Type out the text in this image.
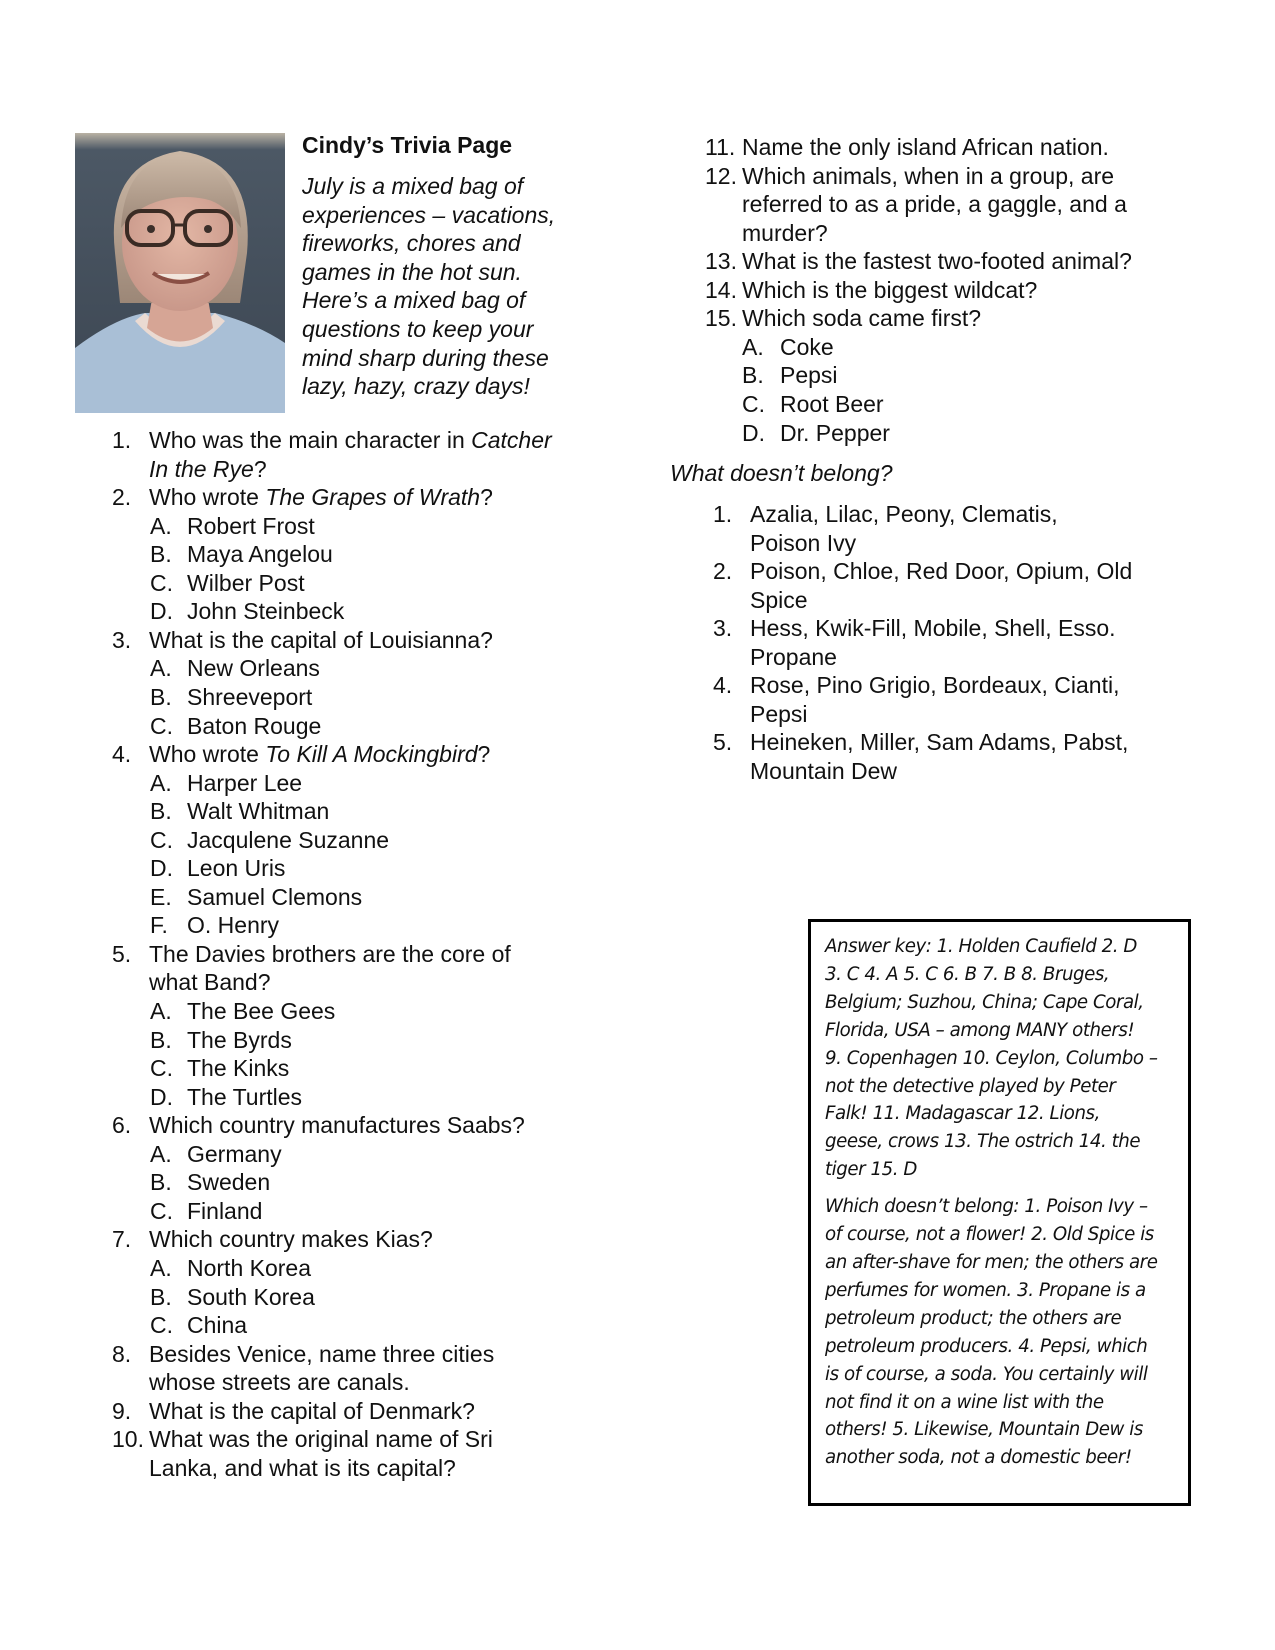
Cindy’s Trivia Page
July is a mixed bag of
experiences – vacations,
fireworks, chores and
games in the hot sun.
Here’s a mixed bag of
questions to keep your
mind sharp during these
lazy, hazy, crazy days!
1. Who was the main character in Catcher
In the Rye?
2. Who wrote The Grapes of Wrath?
A. Robert Frost
B. Maya Angelou
C. Wilber Post
D. John Steinbeck
3. What is the capital of Louisianna?
A. New Orleans
B. Shreeveport
C. Baton Rouge
4. Who wrote To Kill A Mockingbird?
A. Harper Lee
B. Walt Whitman
C. Jacqulene Suzanne
D. Leon Uris
E. Samuel Clemons
F. O. Henry
5. The Davies brothers are the core of
what Band?
A. The Bee Gees
B. The Byrds
C. The Kinks
D. The Turtles
6. Which country manufactures Saabs?
A. Germany
B. Sweden
C. Finland
7. Which country makes Kias?
A. North Korea
B. South Korea
C. China
8. Besides Venice, name three cities
whose streets are canals.
9. What is the capital of Denmark?
10. What was the original name of Sri
Lanka, and what is its capital?
11. Name the only island African nation.
12. Which animals, when in a group, are
referred to as a pride, a gaggle, and a
murder?
13. What is the fastest two-footed animal?
14. Which is the biggest wildcat?
15. Which soda came first?
A. Coke
B. Pepsi
C. Root Beer
D. Dr. Pepper
What doesn’t belong?
1. Azalia, Lilac, Peony, Clematis,
Poison Ivy
2. Poison, Chloe, Red Door, Opium, Old
Spice
3. Hess, Kwik-Fill, Mobile, Shell, Esso.
Propane
4. Rose, Pino Grigio, Bordeaux, Cianti,
Pepsi
5. Heineken, Miller, Sam Adams, Pabst,
Mountain Dew
Answer key: 1. Holden Caufield 2. D
3. C 4. A 5. C 6. B 7. B 8. Bruges,
Belgium; Suzhou, China; Cape Coral,
Florida, USA – among MANY others!
9. Copenhagen 10. Ceylon, Columbo –
not the detective played by Peter
Falk! 11. Madagascar 12. Lions,
geese, crows 13. The ostrich 14. the
tiger 15. D
Which doesn’t belong: 1. Poison Ivy –
of course, not a flower! 2. Old Spice is
an after-shave for men; the others are
perfumes for women. 3. Propane is a
petroleum product; the others are
petroleum producers. 4. Pepsi, which
is of course, a soda. You certainly will
not find it on a wine list with the
others! 5. Likewise, Mountain Dew is
another soda, not a domestic beer!
